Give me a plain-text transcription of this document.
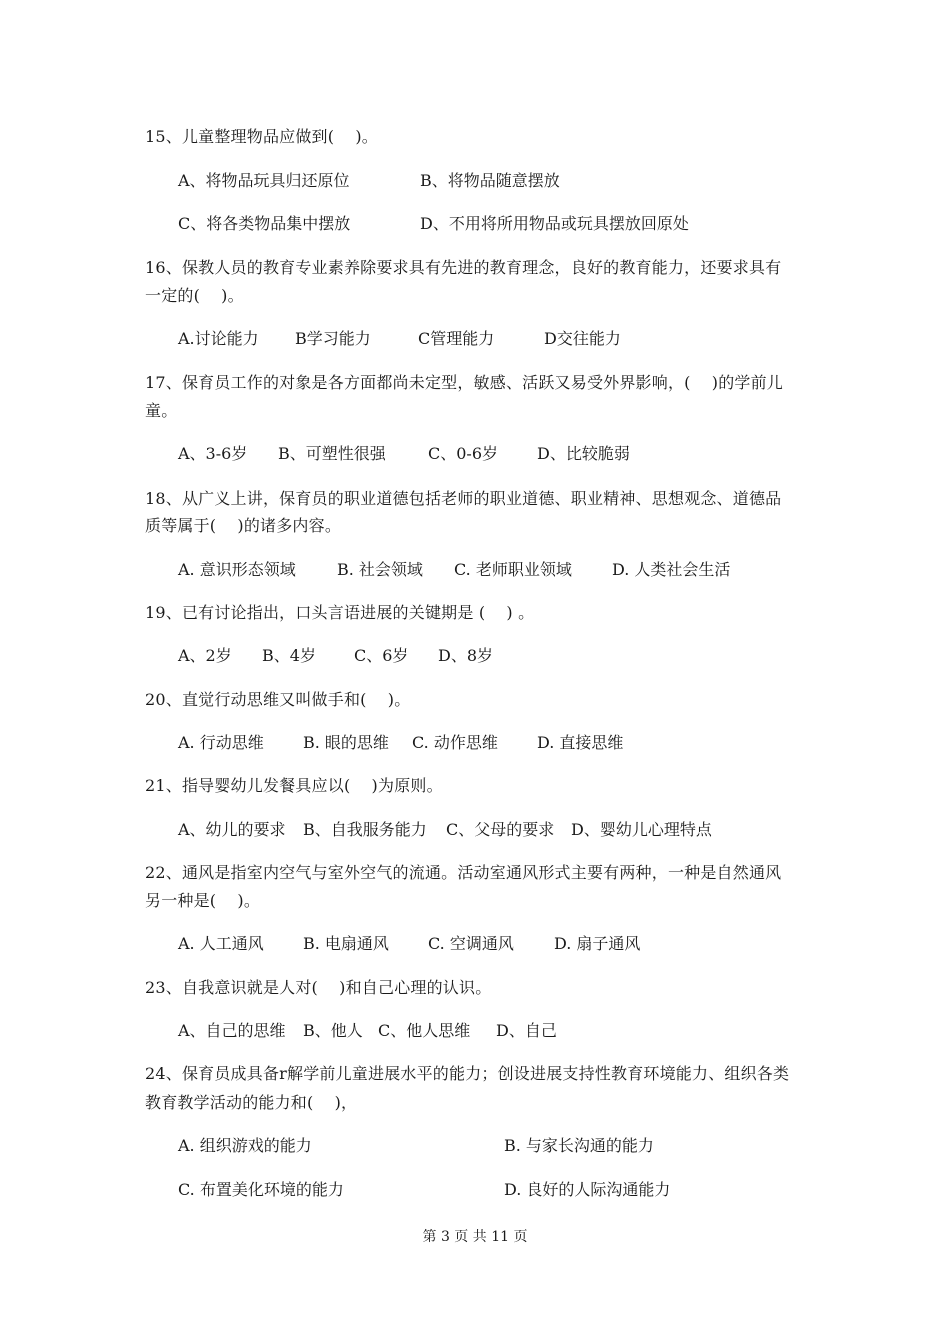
15、儿童整理物品应做到(    )。
A、将物品玩具归还原位	B、将物品随意摆放
C、将各类物品集中摆放	D、不用将所用物品或玩具摆放回原处
16、保教人员的教育专业素养除要求具有先进的教育理念，良好的教育能力，还要求具有
一定的(    )。
A.讨论能力 B学习能力	C管理能力	D交往能力
17、保育员工作的对象是各方面都尚未定型，敏感、活跃又易受外界影响，(    )的学前儿
童。
A、3-6岁 B、可塑性很强	C、0-6岁 D、比较脆弱
18、从广义上讲，保育员的职业道德包括老师的职业道德、职业精神、思想观念、道德品
质等属于(    )的诸多内容。
A. 意识形态领域	B. 社会领域 C. 老师职业领域	D. 人类社会生活
19、已有讨论指出，口头言语进展的关键期是 (    ) 。
A、2岁 B、4岁 C、6岁 D、8岁
20、直觉行动思维又叫做手和(    )。
A. 行动思维 B. 眼的思维 C. 动作思维 D. 直接思维
21、指导婴幼儿发餐具应以(    )为原则。
A、幼儿的要求 B、自我服务能力 C、父母的要求 D、婴幼儿心理特点
22、通风是指室内空气与室外空气的流通。活动室通风形式主要有两种，一种是自然通风
另一种是(    )。
A. 人工通风 B. 电扇通风 C. 空调通风	D. 扇子通风
23、自我意识就是人对(    )和自己心理的认识。
A、自己的思维 B、他人 C、他人思维 D、自己
24、保育员成具备r解学前儿童进展水平的能力；创设进展支持性教育环境能力、组织各类
教育教学活动的能力和(    )，
A. 组织游戏的能力	B. 与家长沟通的能力
C. 布置美化环境的能力	D. 良好的人际沟通能力
第 3 页 共 11 页
